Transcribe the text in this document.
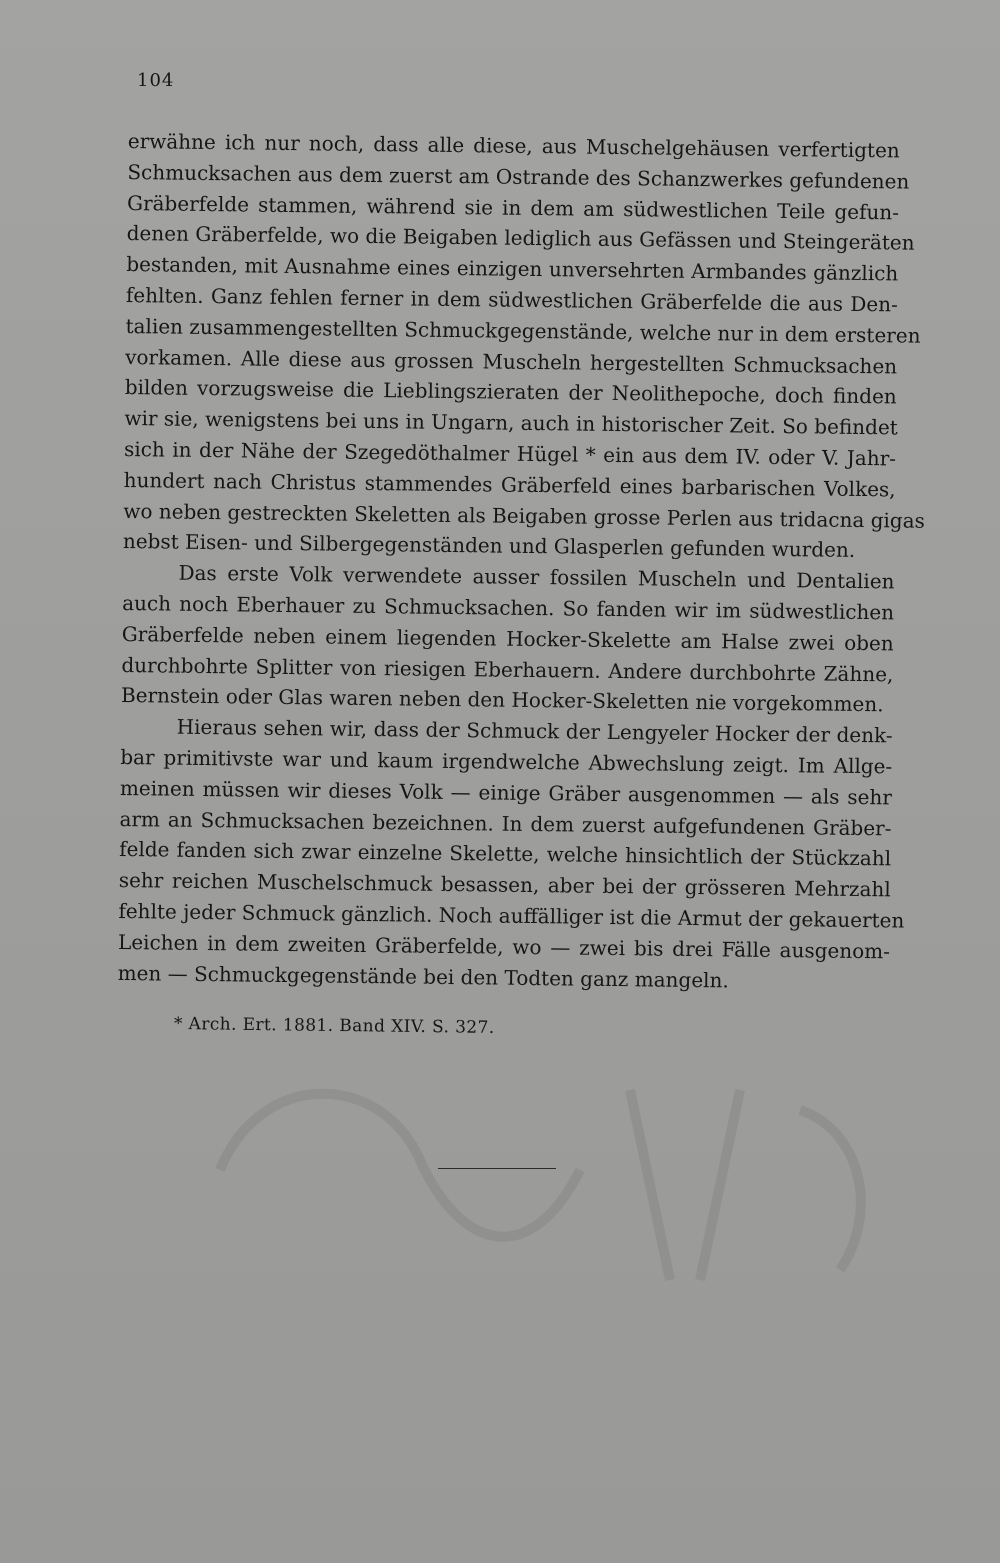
104
erwähne ich nur noch, dass alle diese, aus Muschelgehäusen verfertigten
Schmucksachen aus dem zuerst am Ostrande des Schanzwerkes gefundenen
Gräberfelde stammen, während sie in dem am südwestlichen Teile gefun-
denen Gräberfelde, wo die Beigaben lediglich aus Gefässen und Steingeräten
bestanden, mit Ausnahme eines einzigen unversehrten Armbandes gänzlich
fehlten. Ganz fehlen ferner in dem südwestlichen Gräberfelde die aus Den-
talien zusammengestellten Schmuckgegenstände, welche nur in dem ersteren
vorkamen. Alle diese aus grossen Muscheln hergestellten Schmucksachen
bilden vorzugsweise die Lieblingszieraten der Neolithepoche, doch finden
wir sie, wenigstens bei uns in Ungarn, auch in historischer Zeit. So befindet
sich in der Nähe der Szegedöthalmer Hügel * ein aus dem IV. oder V. Jahr-
hundert nach Christus stammendes Gräberfeld eines barbarischen Volkes,
wo neben gestreckten Skeletten als Beigaben grosse Perlen aus tridacna gigas
nebst Eisen- und Silbergegenständen und Glasperlen gefunden wurden.
Das erste Volk verwendete ausser fossilen Muscheln und Dentalien
auch noch Eberhauer zu Schmucksachen. So fanden wir im südwestlichen
Gräberfelde neben einem liegenden Hocker-Skelette am Halse zwei oben
durchbohrte Splitter von riesigen Eberhauern. Andere durchbohrte Zähne,
Bernstein oder Glas waren neben den Hocker-Skeletten nie vorgekommen.
Hieraus sehen wir, dass der Schmuck der Lengyeler Hocker der denk-
bar primitivste war und kaum irgendwelche Abwechslung zeigt. Im Allge-
meinen müssen wir dieses Volk — einige Gräber ausgenommen — als sehr
arm an Schmucksachen bezeichnen. In dem zuerst aufgefundenen Gräber-
felde fanden sich zwar einzelne Skelette, welche hinsichtlich der Stückzahl
sehr reichen Muschelschmuck besassen, aber bei der grösseren Mehrzahl
fehlte jeder Schmuck gänzlich. Noch auffälliger ist die Armut der gekauerten
Leichen in dem zweiten Gräberfelde, wo — zwei bis drei Fälle ausgenom-
men — Schmuckgegenstände bei den Todten ganz mangeln.
* Arch. Ert. 1881. Band XIV. S. 327.
